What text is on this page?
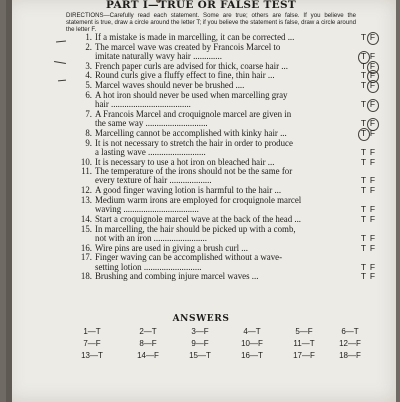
PART I—TRUE OR FALSE TEST
DIRECTIONS—Carefully read each statement. Some are true; others are false. If you believe the statement is true, draw a circle around the letter T; if you believe the statement is false, draw a circle around the letter F.
1. If a mistake is made in marcelling, it can be corrected ...	T F
2. The marcel wave was created by Francois Marcel to
imitate naturally wavy hair .............	T F
3. French paper curls are advised for thick, coarse hair ...	T F
4. Round curls give a fluffy effect to fine, thin hair ...	T F
5. Marcel waves should never be brushed ....	T F
6. A hot iron should never be used when marcelling gray
hair ....................................	T F
7. A Francois Marcel and croquignole marcel are given in
the same way ............................	T F
8. Marcelling cannot be accomplished with kinky hair ...	T F
9. It is not necessary to stretch the hair in order to produce
a lasting wave ..........................	T F
10. It is necessary to use a hot iron on bleached hair ...	T F
11. The temperature of the irons should not be the same for
every texture of hair ...................	T F
12. A good finger waving lotion is harmful to the hair ...	T F
13. Medium warm irons are employed for croquignole marcel
waving ..................................	T F
14. Start a croquignole marcel wave at the back of the head ...	T F
15. In marcelling, the hair should be picked up with a comb,
not with an iron ........................	T F
16. Wire pins are used in giving a brush curl ...	T F
17. Finger waving can be accomplished without a wave-
setting lotion ..........................	T F
18. Brushing and combing injure marcel waves ...	T F
ANSWERS
1—T	2—T	3—F	4—T	5—F	6—T
7—F	8—F	9—F	10—F	11—T	12—F
13—T	14—F	15—T	16—T	17—F	18—F
